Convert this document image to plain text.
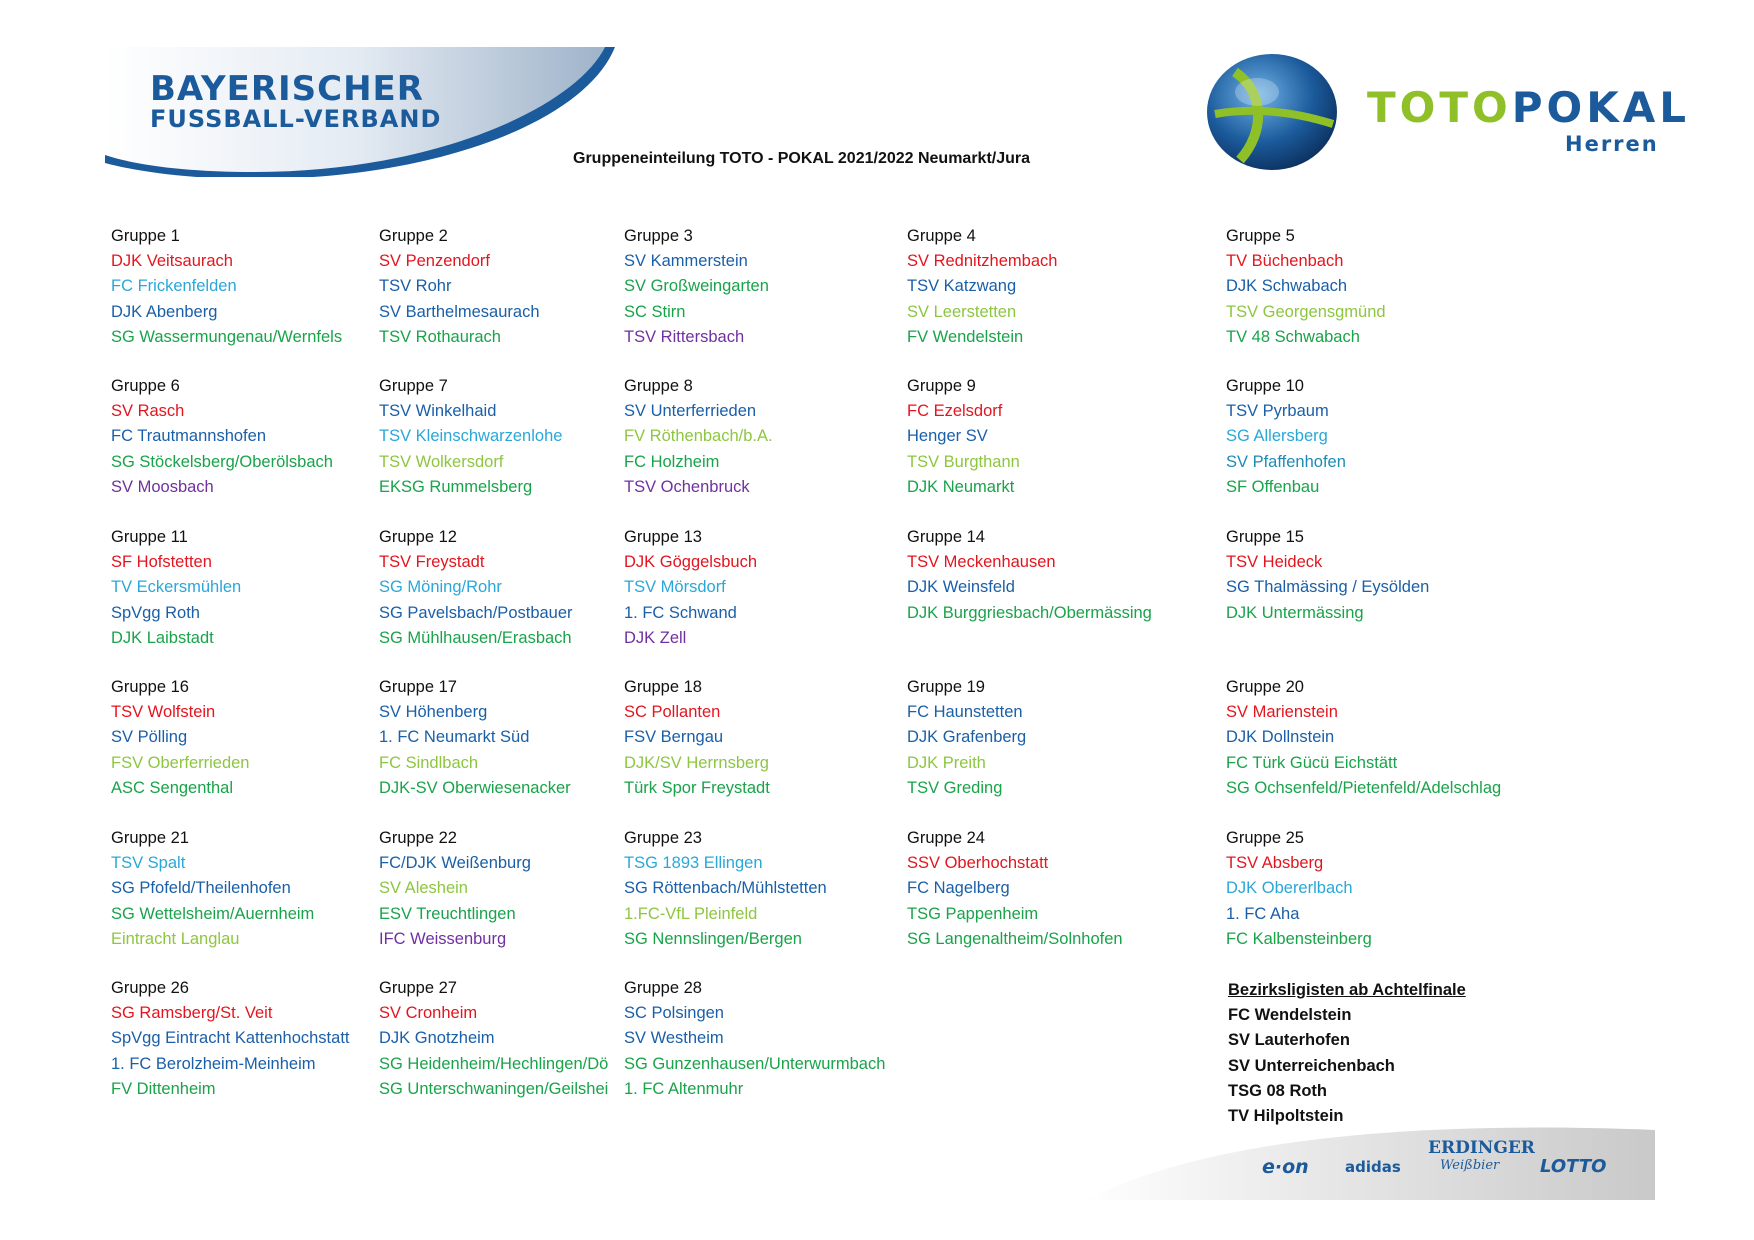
BAYERISCHER
FUSSBALL-VERBAND	TOTOPOKAL
Herren
Gruppeneinteilung TOTO - POKAL 2021/2022 Neumarkt/Jura
Gruppe 1
DJK Veitsaurach
FC Frickenfelden
DJK Abenberg
SG Wassermungenau/Wernfels
Gruppe 2
SV Penzendorf
TSV Rohr
SV Barthelmesaurach
TSV Rothaurach
Gruppe 3
SV Kammerstein
SV Großweingarten
SC Stirn
TSV Rittersbach
Gruppe 4
SV Rednitzhembach
TSV Katzwang
SV Leerstetten
FV Wendelstein
Gruppe 5
TV Büchenbach
DJK Schwabach
TSV Georgensgmünd
TV 48 Schwabach
Gruppe 6
SV Rasch
FC Trautmannshofen
SG Stöckelsberg/Oberölsbach
SV Moosbach
Gruppe 7
TSV Winkelhaid
TSV Kleinschwarzenlohe
TSV Wolkersdorf
EKSG Rummelsberg
Gruppe 8
SV Unterferrieden
FV Röthenbach/b.A.
FC Holzheim
TSV Ochenbruck
Gruppe 9
FC Ezelsdorf
Henger SV
TSV Burgthann
DJK Neumarkt
Gruppe 10
TSV Pyrbaum
SG Allersberg
SV Pfaffenhofen
SF Offenbau
Gruppe 11
SF Hofstetten
TV Eckersmühlen
SpVgg Roth
DJK Laibstadt
Gruppe 12
TSV Freystadt
SG Möning/Rohr
SG Pavelsbach/Postbauer
SG Mühlhausen/Erasbach
Gruppe 13
DJK Göggelsbuch
TSV Mörsdorf
1. FC Schwand
DJK Zell
Gruppe 14
TSV Meckenhausen
DJK Weinsfeld
DJK Burggriesbach/Obermässing
Gruppe 15
TSV Heideck
SG Thalmässing / Eysölden
DJK Untermässing
Gruppe 16
TSV Wolfstein
SV Pölling
FSV Oberferrieden
ASC Sengenthal
Gruppe 17
SV Höhenberg
1. FC Neumarkt Süd
FC Sindlbach
DJK-SV Oberwiesenacker
Gruppe 18
SC Pollanten
FSV Berngau
DJK/SV Herrnsberg
Türk Spor Freystadt
Gruppe 19
FC Haunstetten
DJK Grafenberg
DJK Preith
TSV Greding
Gruppe 20
SV Marienstein
DJK Dollnstein
FC Türk Gücü Eichstätt
SG Ochsenfeld/Pietenfeld/Adelschlag
Gruppe 21
TSV Spalt
SG Pfofeld/Theilenhofen
SG Wettelsheim/Auernheim
Eintracht Langlau
Gruppe 22
FC/DJK Weißenburg
SV Aleshein
ESV Treuchtlingen
IFC Weissenburg
Gruppe 23
TSG 1893 Ellingen
SG Röttenbach/Mühlstetten
1.FC-VfL Pleinfeld
SG Nennslingen/Bergen
Gruppe 24
SSV Oberhochstatt
FC Nagelberg
TSG Pappenheim
SG Langenaltheim/Solnhofen
Gruppe 25
TSV Absberg
DJK Obererlbach
1. FC Aha
FC Kalbensteinberg
Gruppe 26
SG Ramsberg/St. Veit
SpVgg Eintracht Kattenhochstatt
1. FC Berolzheim-Meinheim
FV Dittenheim
Gruppe 27
SV Cronheim
DJK Gnotzheim
SG Heidenheim/Hechlingen/Dö
SG Unterschwaningen/Geilshei
Gruppe 28
SC Polsingen
SV Westheim
SG Gunzenhausen/Unterwurmbach
1. FC Altenmuhr
Bezirksligisten ab Achtelfinale
FC Wendelstein
SV Lauterhofen
SV Unterreichenbach
TSG 08 Roth
TV Hilpoltstein
e·on adidas
ERDINGER
Weißbier LOTTO
